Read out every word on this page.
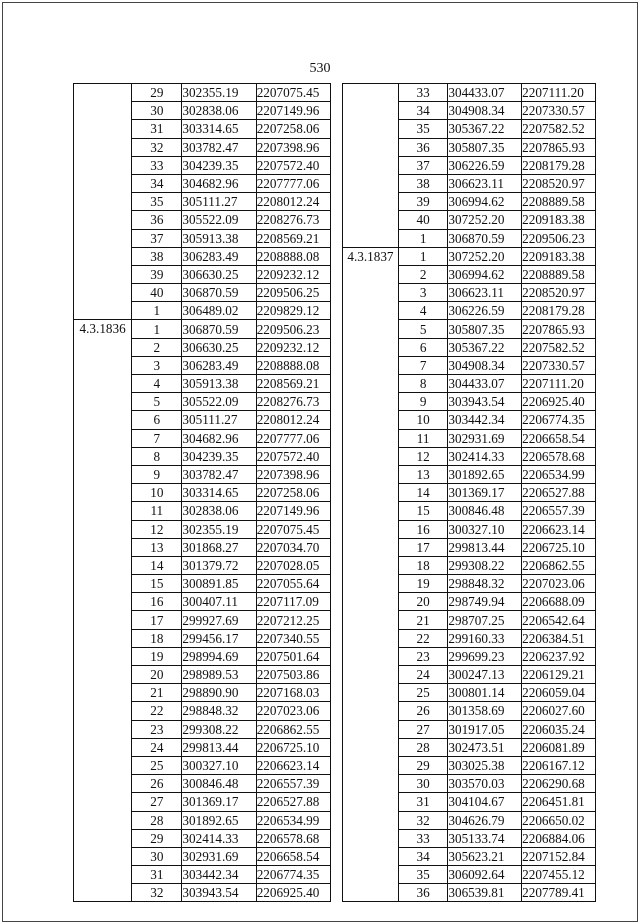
530
	29	302355.19	2207075.45
	30	302838.06	2207149.96
	31	303314.65	2207258.06
	32	303782.47	2207398.96
	33	304239.35	2207572.40
	34	304682.96	2207777.06
	35	305111.27	2208012.24
	36	305522.09	2208276.73
	37	305913.38	2208569.21
	38	306283.49	2208888.08
	39	306630.25	2209232.12
	40	306870.59	2209506.25
	1	306489.02	2209829.12
4.3.1836	1	306870.59	2209506.23
	2	306630.25	2209232.12
	3	306283.49	2208888.08
	4	305913.38	2208569.21
	5	305522.09	2208276.73
	6	305111.27	2208012.24
	7	304682.96	2207777.06
	8	304239.35	2207572.40
	9	303782.47	2207398.96
	10	303314.65	2207258.06
	11	302838.06	2207149.96
	12	302355.19	2207075.45
	13	301868.27	2207034.70
	14	301379.72	2207028.05
	15	300891.85	2207055.64
	16	300407.11	2207117.09
	17	299927.69	2207212.25
	18	299456.17	2207340.55
	19	298994.69	2207501.64
	20	298989.53	2207503.86
	21	298890.90	2207168.03
	22	298848.32	2207023.06
	23	299308.22	2206862.55
	24	299813.44	2206725.10
	25	300327.10	2206623.14
	26	300846.48	2206557.39
	27	301369.17	2206527.88
	28	301892.65	2206534.99
	29	302414.33	2206578.68
	30	302931.69	2206658.54
	31	303442.34	2206774.35
	32	303943.54	2206925.40
	33	304433.07	2207111.20
	34	304908.34	2207330.57
	35	305367.22	2207582.52
	36	305807.35	2207865.93
	37	306226.59	2208179.28
	38	306623.11	2208520.97
	39	306994.62	2208889.58
	40	307252.20	2209183.38
	1	306870.59	2209506.23
4.3.1837	1	307252.20	2209183.38
	2	306994.62	2208889.58
	3	306623.11	2208520.97
	4	306226.59	2208179.28
	5	305807.35	2207865.93
	6	305367.22	2207582.52
	7	304908.34	2207330.57
	8	304433.07	2207111.20
	9	303943.54	2206925.40
	10	303442.34	2206774.35
	11	302931.69	2206658.54
	12	302414.33	2206578.68
	13	301892.65	2206534.99
	14	301369.17	2206527.88
	15	300846.48	2206557.39
	16	300327.10	2206623.14
	17	299813.44	2206725.10
	18	299308.22	2206862.55
	19	298848.32	2207023.06
	20	298749.94	2206688.09
	21	298707.25	2206542.64
	22	299160.33	2206384.51
	23	299699.23	2206237.92
	24	300247.13	2206129.21
	25	300801.14	2206059.04
	26	301358.69	2206027.60
	27	301917.05	2206035.24
	28	302473.51	2206081.89
	29	303025.38	2206167.12
	30	303570.03	2206290.68
	31	304104.67	2206451.81
	32	304626.79	2206650.02
	33	305133.74	2206884.06
	34	305623.21	2207152.84
	35	306092.64	2207455.12
	36	306539.81	2207789.41
